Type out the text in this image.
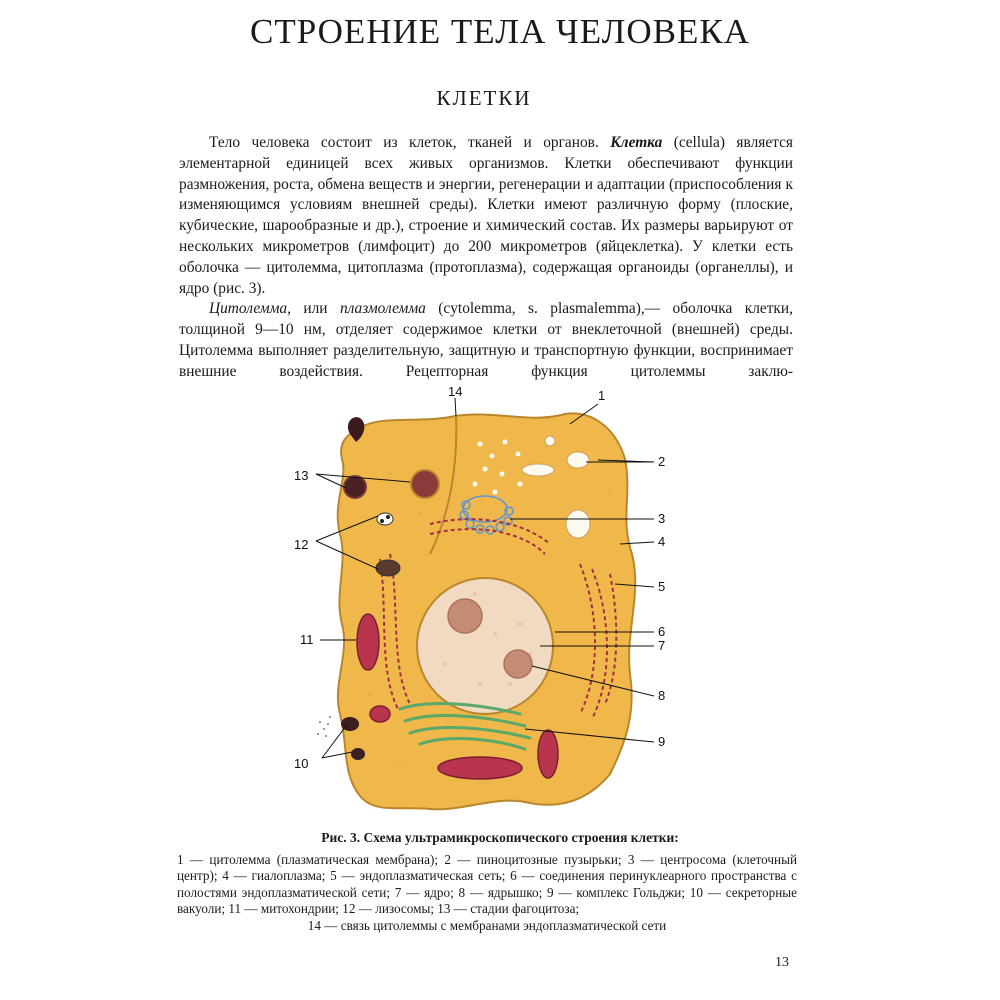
СТРОЕНИЕ ТЕЛА ЧЕЛОВЕКА
КЛЕТКИ

Тело человека состоит из клеток, тканей и органов. Клетка (cellula) является элементарной единицей всех живых организмов. Клетки обеспечивают функции размножения, роста, обмена веществ и энергии, регенерации и адаптации (приспособления к изменяющимся условиям внешней среды). Клетки имеют различную форму (плоские, кубические, шарообразные и др.), строение и химический состав. Их размеры варьируют от нескольких микрометров (лимфоцит) до 200 микрометров (яйцеклетка). У клетки есть оболочка — цитолемма, цитоплазма (протоплазма), содержащая органоиды (органеллы), и ядро (рис. 3).

Цитолемма, или плазмолемма (cytolemma, s. plasmalemma),— оболочка клетки, толщиной 9—10 нм, отделяет содержимое клетки от внеклеточной (внешней) среды. Цитолемма выполняет разделительную, защитную и транспортную функции, воспринимает внешние воздействия. Рецепторная функция цитолеммы заклю-

1
2
3
4
5
6
7
8
9
10
11
12
13
14

Рис. 3. Схема ультрамикроскопического строения клетки:

1 — цитолемма (плазматическая мембрана); 2 — пиноцитозные пузырьки; 3 — центросома (клеточный центр); 4 — гиалоплазма; 5 — эндоплазматическая сеть; 6 — соединения перинуклеарного пространства с полостями эндоплазматической сети; 7 — ядро; 8 — ядрышко; 9 — комплекс Гольджи; 10 — секреторные вакуоли; 11 — митохондрии; 12 — лизосомы; 13 — стадии фагоцитоза;
14 — связь цитолеммы с мембранами эндоплазматической сети

13
